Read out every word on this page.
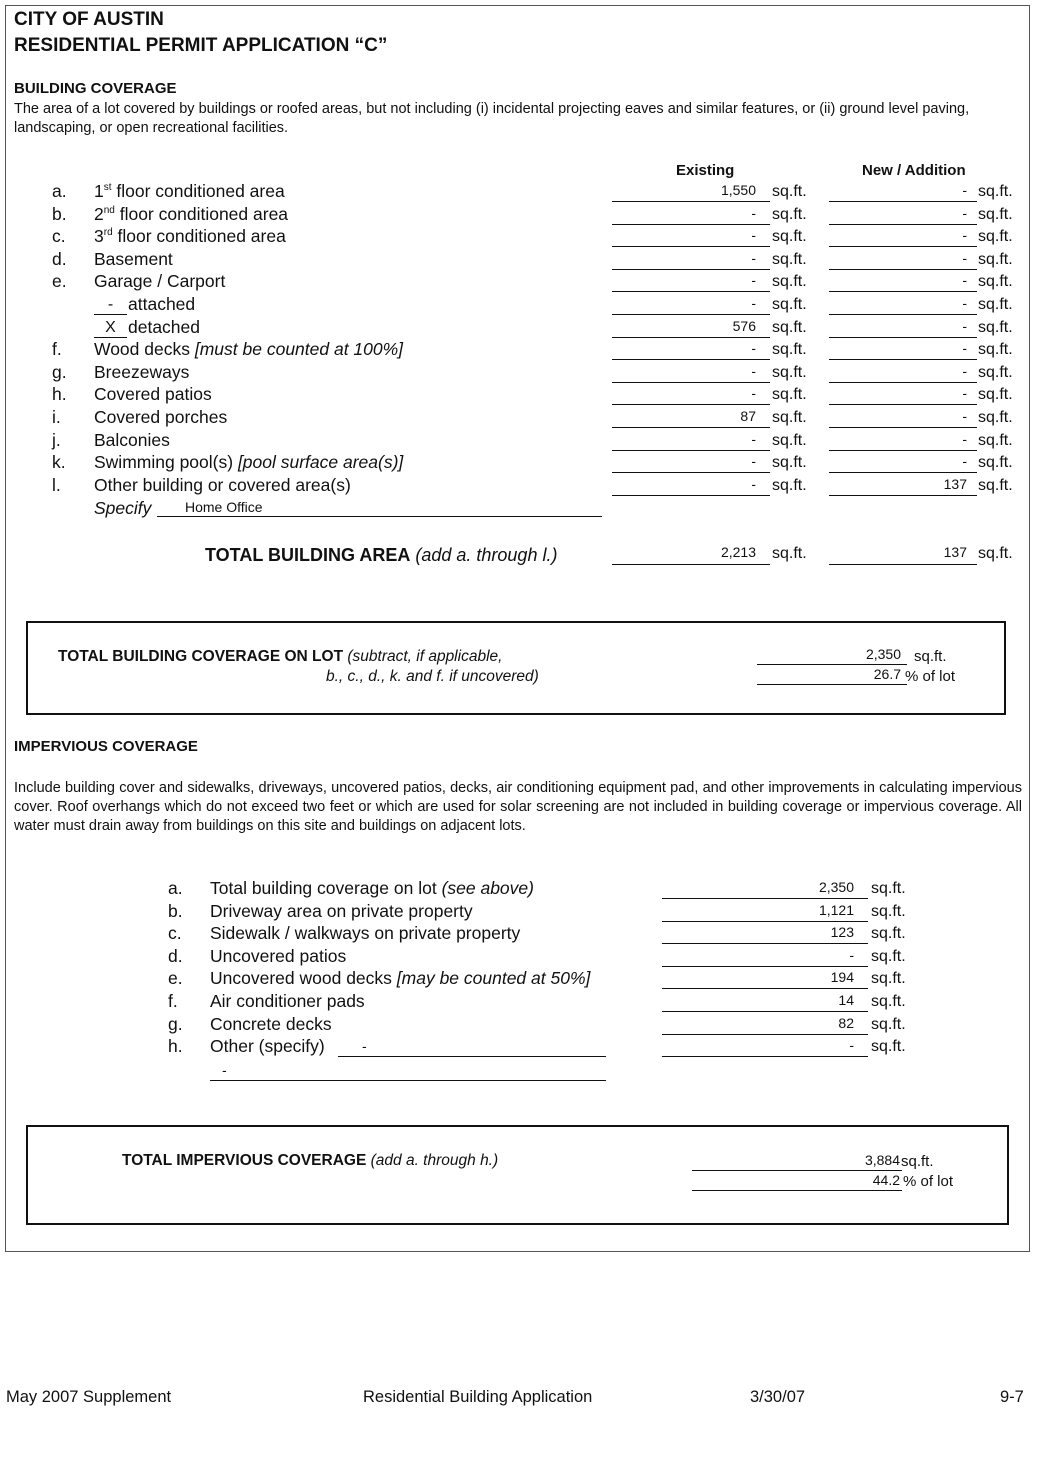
CITY OF AUSTIN
RESIDENTIAL PERMIT APPLICATION “C”
BUILDING COVERAGE
The area of a lot covered by buildings or roofed areas, but not including (i) incidental projecting eaves and similar features, or (ii) ground level paving, landscaping, or open recreational facilities.
Existing	New / Addition
a. 1st floor conditioned area	1,550 sq.ft.	- sq.ft.
b. 2nd floor conditioned area	- sq.ft.	- sq.ft.
c. 3rd floor conditioned area	- sq.ft.	- sq.ft.
d. Basement	- sq.ft.	- sq.ft.
e. Garage / Carport	- sq.ft.	- sq.ft.
- attached	- sq.ft.	- sq.ft.
X detached	576 sq.ft.	- sq.ft.
f. Wood decks [must be counted at 100%]	- sq.ft.	- sq.ft.
g. Breezeways	- sq.ft.	- sq.ft.
h. Covered patios	- sq.ft.	- sq.ft.
i. Covered porches	87 sq.ft.	- sq.ft.
j. Balconies	- sq.ft.	- sq.ft.
k. Swimming pool(s) [pool surface area(s)]	- sq.ft.	- sq.ft.
l. Other building or covered area(s)	- sq.ft.	137 sq.ft.
Specify Home Office
TOTAL BUILDING AREA (add a. through l.)	2,213 sq.ft.	137 sq.ft.
TOTAL BUILDING COVERAGE ON LOT (subtract, if applicable,
b., c., d., k. and f. if uncovered)
2,350 sq.ft.
26.7 % of lot
IMPERVIOUS COVERAGE
Include building cover and sidewalks, driveways, uncovered patios, decks, air conditioning equipment pad, and other improvements in calculating impervious cover. Roof overhangs which do not exceed two feet or which are used for solar screening are not included in building coverage or impervious coverage. All water must drain away from buildings on this site and buildings on adjacent lots.
a. Total building coverage on lot (see above)	2,350 sq.ft.
b. Driveway area on private property	1,121 sq.ft.
c. Sidewalk / walkways on private property	123 sq.ft.
d. Uncovered patios	- sq.ft.
e. Uncovered wood decks [may be counted at 50%]	194 sq.ft.
f. Air conditioner pads	14 sq.ft.
g. Concrete decks	82 sq.ft.
h. Other (specify)	-	- sq.ft.
-
TOTAL IMPERVIOUS COVERAGE (add a. through h.)	3,884 sq.ft.
44.2 % of lot
May 2007 Supplement	Residential Building Application	3/30/07	9-7
